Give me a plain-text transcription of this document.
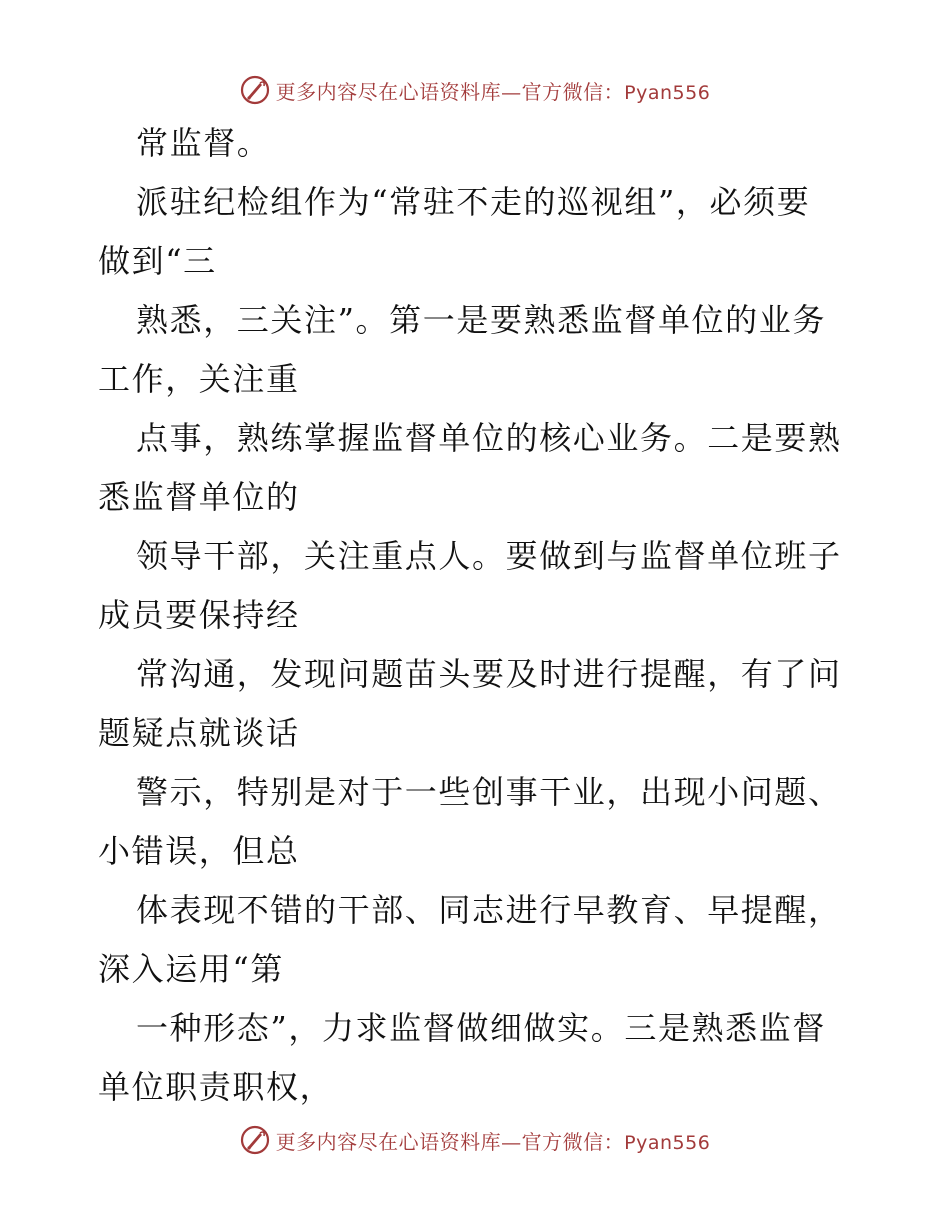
更多内容尽在心语资料库—官方微信：Pyan556
常监督。
派驻纪检组作为“常驻不走的巡视组”，必须要
做到“三
熟悉，三关注”。第一是要熟悉监督单位的业务
工作，关注重
点事，熟练掌握监督单位的核心业务。二是要熟
悉监督单位的
领导干部，关注重点人。要做到与监督单位班子
成员要保持经
常沟通，发现问题苗头要及时进行提醒，有了问
题疑点就谈话
警示，特别是对于一些创事干业，出现小问题、
小错误，但总
体表现不错的干部、同志进行早教育、早提醒，
深入运用“第
一种形态”，力求监督做细做实。三是熟悉监督
单位职责职权，
更多内容尽在心语资料库—官方微信：Pyan556
